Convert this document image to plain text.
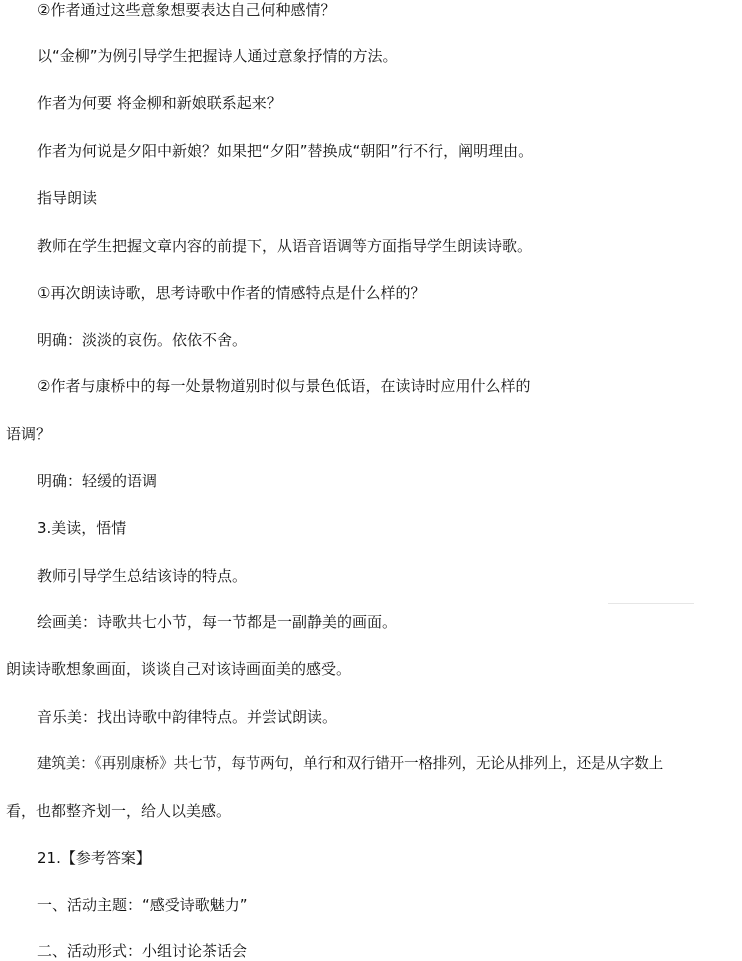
②作者通过这些意象想要表达自己何种感情？
以“金柳”为例引导学生把握诗人通过意象抒情的方法。
作者为何要 将金柳和新娘联系起来？
作者为何说是夕阳中新娘？如果把“夕阳”替换成“朝阳”行不行，阐明理由。
指导朗读
教师在学生把握文章内容的前提下，从语音语调等方面指导学生朗读诗歌。
①再次朗读诗歌，思考诗歌中作者的情感特点是什么样的？
明确：淡淡的哀伤。依依不舍。
②作者与康桥中的每一处景物道别时似与景色低语，在读诗时应用什么样的
语调？
明确：轻缓的语调
3.美读，悟情
教师引导学生总结该诗的特点。
绘画美：诗歌共七小节，每一节都是一副静美的画面。
朗读诗歌想象画面，谈谈自己对该诗画面美的感受。
音乐美：找出诗歌中韵律特点。并尝试朗读。
建筑美：《再别康桥》共七节，每节两句，单行和双行错开一格排列，无论从排列上，还是从字数上
看，也都整齐划一，给人以美感。
21.【参考答案】
一、活动主题：“感受诗歌魅力”
二、活动形式：小组讨论茶话会
